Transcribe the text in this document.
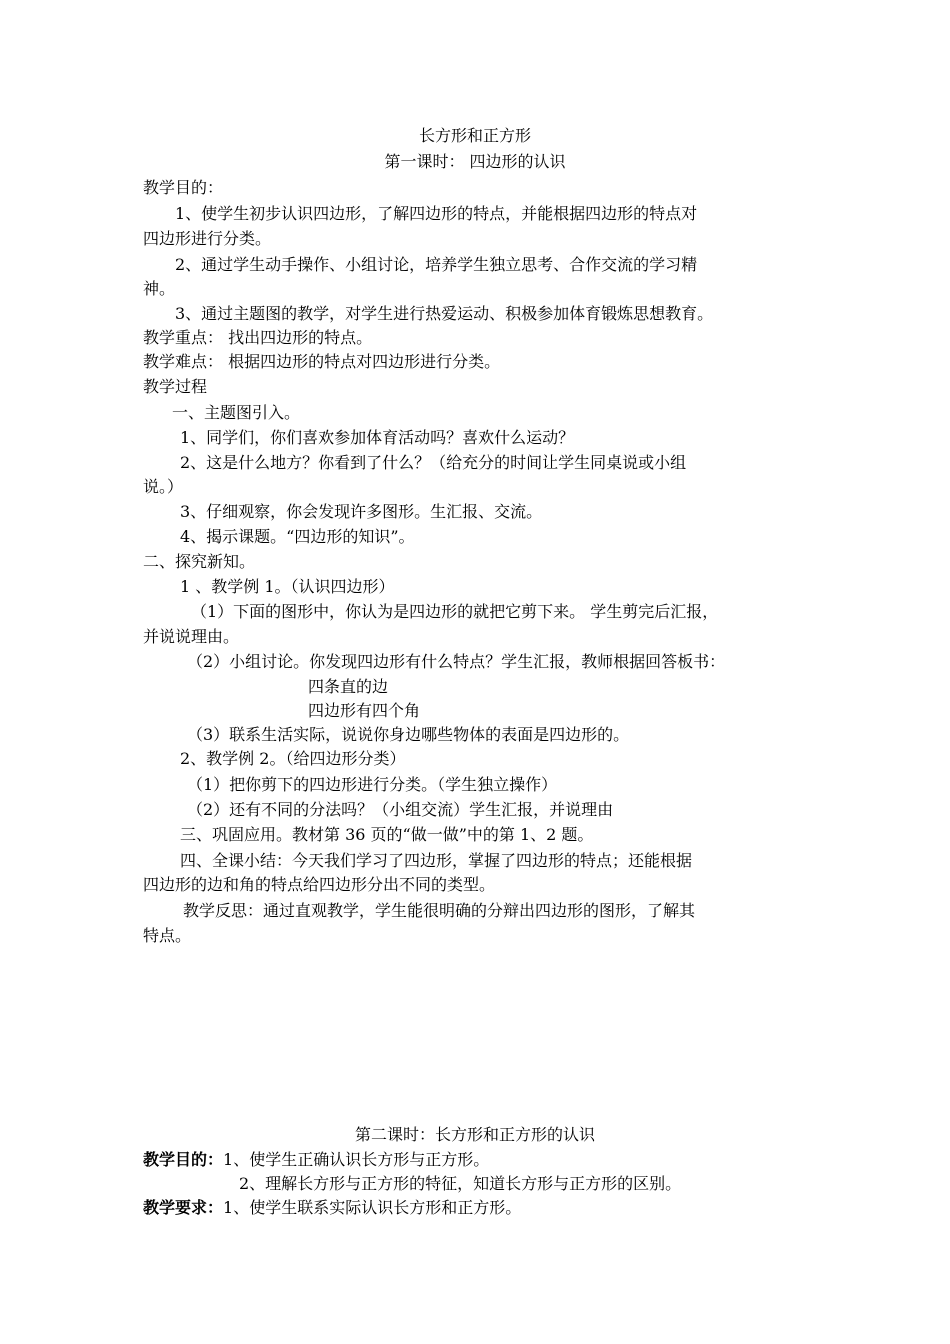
长方形和正方形
第一课时： 四边形的认识
教学目的：
1、使学生初步认识四边形，了解四边形的特点，并能根据四边形的特点对
四边形进行分类。
2、通过学生动手操作、小组讨论，培养学生独立思考、合作交流的学习精
神。
3、通过主题图的教学，对学生进行热爱运动、积极参加体育锻炼思想教育。
教学重点： 找出四边形的特点。
教学难点： 根据四边形的特点对四边形进行分类。
教学过程
一、主题图引入。
1、同学们，你们喜欢参加体育活动吗？喜欢什么运动？
2、这是什么地方？你看到了什么？（给充分的时间让学生同桌说或小组
说。）
3、仔细观察，你会发现许多图形。生汇报、交流。
4、揭示课题。“四边形的知识”。
二、探究新知。
1 、教学例 1。（认识四边形）
（1）下面的图形中，你认为是四边形的就把它剪下来。 学生剪完后汇报，
并说说理由。
（2）小组讨论。你发现四边形有什么特点？学生汇报，教师根据回答板书：
四条直的边
四边形有四个角
（3）联系生活实际，说说你身边哪些物体的表面是四边形的。
2、教学例 2。（给四边形分类）
（1）把你剪下的四边形进行分类。（学生独立操作）
（2）还有不同的分法吗？（小组交流）学生汇报，并说理由
三、巩固应用。教材第 36 页的“做一做”中的第 1、2 题。
四、全课小结：今天我们学习了四边形，掌握了四边形的特点；还能根据
四边形的边和角的特点给四边形分出不同的类型。
教学反思：通过直观教学，学生能很明确的分辩出四边形的图形，了解其
特点。
第二课时：长方形和正方形的认识
教学目的：1、使学生正确认识长方形与正方形。
2、理解长方形与正方形的特征，知道长方形与正方形的区别。
教学要求：1、使学生联系实际认识长方形和正方形。
